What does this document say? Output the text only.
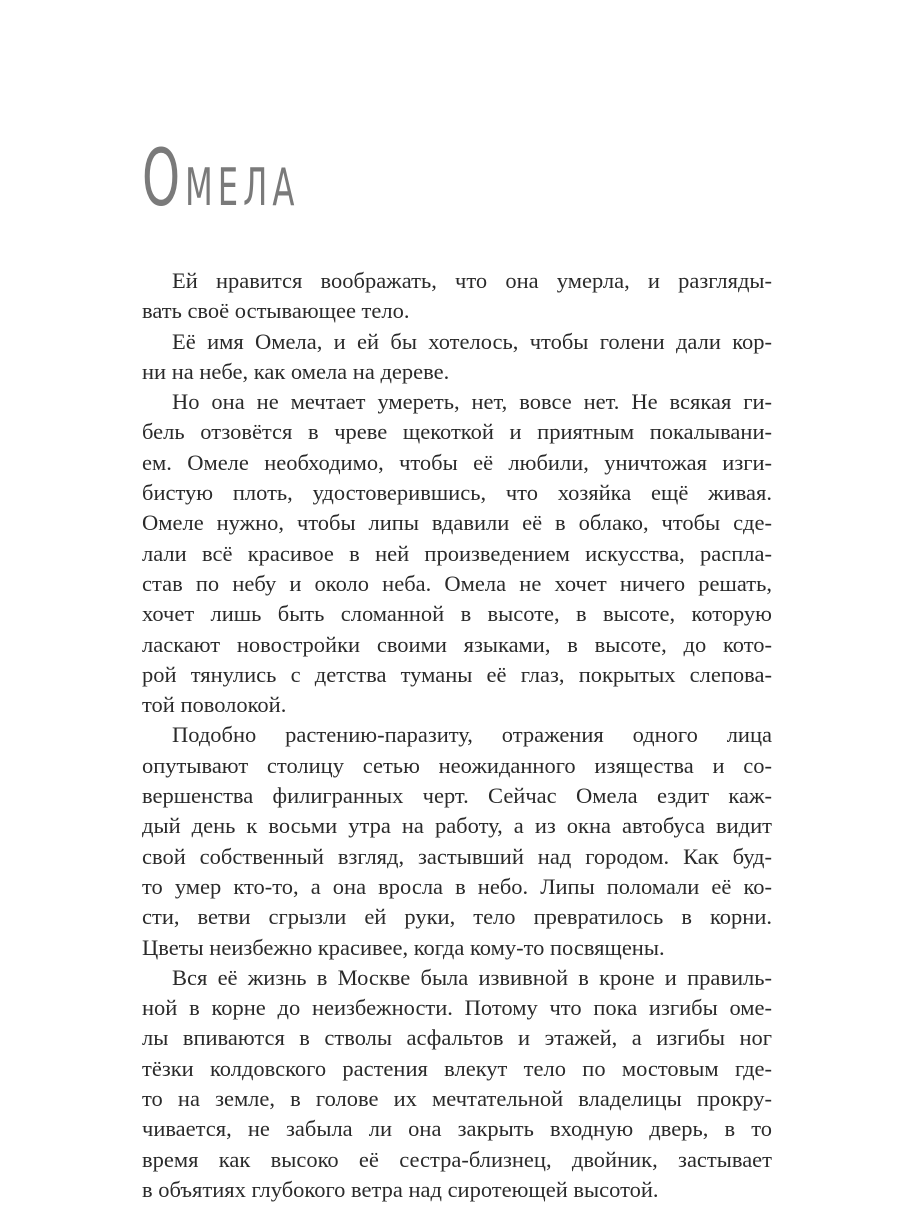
ОМЕЛА
Ей нравится воображать, что она умерла, и разгляды-
вать своё остывающее тело.
Её имя Омела, и ей бы хотелось, чтобы голени дали кор-
ни на небе, как омела на дереве.
Но она не мечтает умереть, нет, вовсе нет. Не всякая ги-
бель отзовётся в чреве щекоткой и приятным покалывани-
ем. Омеле необходимо, чтобы её любили, уничтожая изги-
бистую плоть, удостоверившись, что хозяйка ещё живая.
Омеле нужно, чтобы липы вдавили её в облако, чтобы сде-
лали всё красивое в ней произведением искусства, распла-
став по небу и около неба. Омела не хочет ничего решать,
хочет лишь быть сломанной в высоте, в высоте, которую
ласкают новостройки своими языками, в высоте, до кото-
рой тянулись с детства туманы её глаз, покрытых слепова-
той поволокой.
Подобно растению-паразиту, отражения одного лица
опутывают столицу сетью неожиданного изящества и со-
вершенства филигранных черт. Сейчас Омела ездит каж-
дый день к восьми утра на работу, а из окна автобуса видит
свой собственный взгляд, застывший над городом. Как буд-
то умер кто-то, а она вросла в небо. Липы поломали её ко-
сти, ветви сгрызли ей руки, тело превратилось в корни.
Цветы неизбежно красивее, когда кому-то посвящены.
Вся её жизнь в Москве была извивной в кроне и правиль-
ной в корне до неизбежности. Потому что пока изгибы оме-
лы впиваются в стволы асфальтов и этажей, а изгибы ног
тёзки колдовского растения влекут тело по мостовым где-
то на земле, в голове их мечтательной владелицы прокру-
чивается, не забыла ли она закрыть входную дверь, в то
время как высоко её сестра-близнец, двойник, застывает
в объятиях глубокого ветра над сиротеющей высотой.
